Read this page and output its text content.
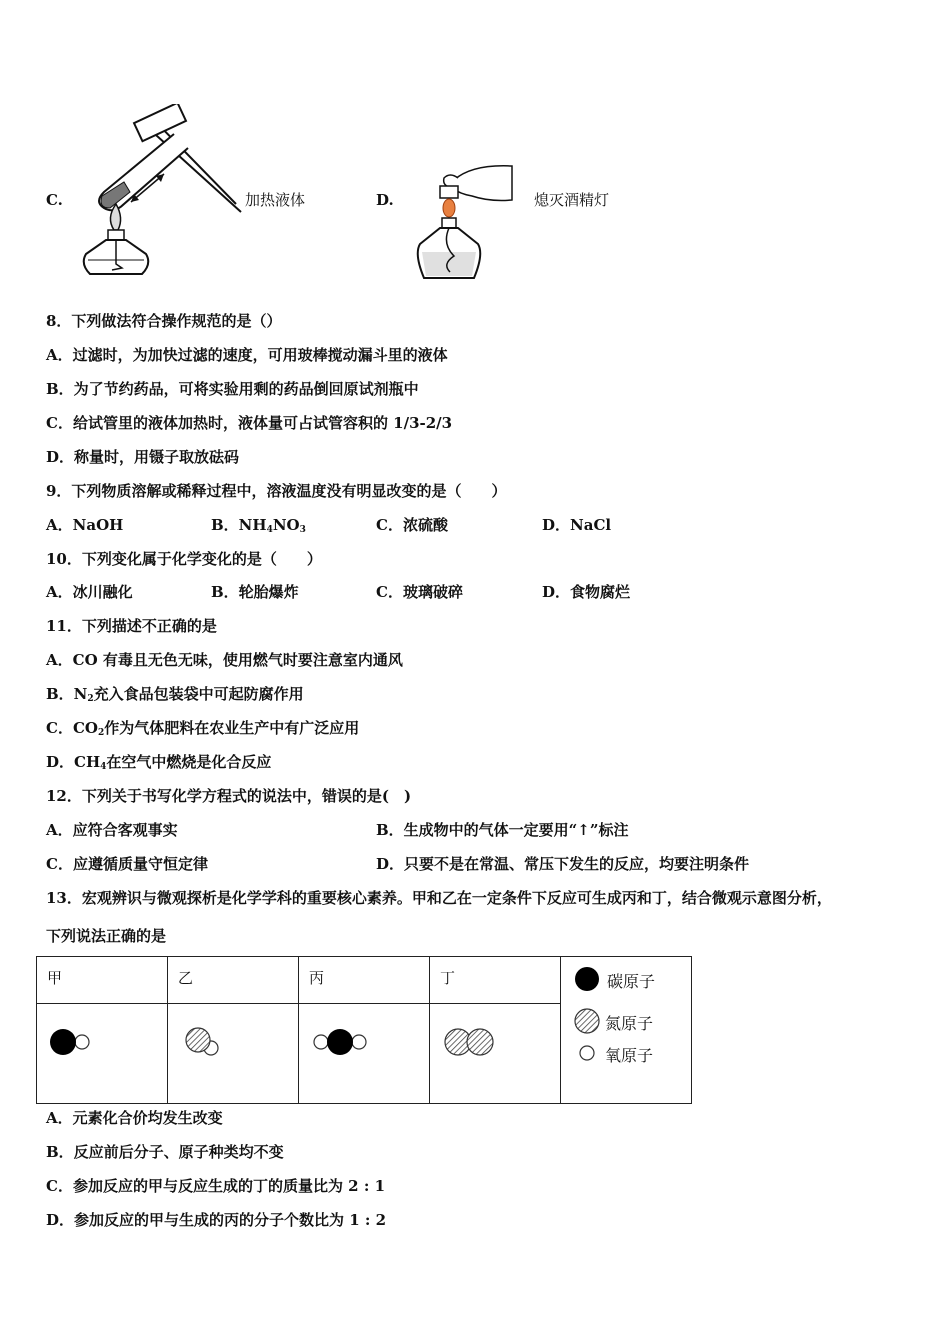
C.	加热液体	D.	熄灭酒精灯
8．下列做法符合操作规范的是（）
A．过滤时，为加快过滤的速度，可用玻棒搅动漏斗里的液体
B．为了节约药品，可将实验用剩的药品倒回原试剂瓶中
C．给试管里的液体加热时，液体量可占试管容积的 1/3-2/3
D．称量时，用镊子取放砝码
9．下列物质溶解或稀释过程中，溶液温度没有明显改变的是（　　）
A．NaOH	B．$NH_4NO_3$	C．浓硫酸	D．NaCl
10．下列变化属于化学变化的是（　　）
A．冰川融化	B．轮胎爆炸	C．玻璃破碎	D．食物腐烂
11．下列描述不正确的是
A．CO 有毒且无色无味，使用燃气时要注意室内通风
B．$N_2$充入食品包装袋中可起防腐作用
C．$CO_2$作为气体肥料在农业生产中有广泛应用
D．$CH_4$在空气中燃烧是化合反应
12．下列关于书写化学方程式的说法中，错误的是(　)
A．应符合客观事实	B．生成物中的气体一定要用“↑”标注
C．应遵循质量守恒定律	D．只要不是在常温、常压下发生的反应，均要注明条件
13．宏观辨识与微观探析是化学学科的重要核心素养。甲和乙在一定条件下反应可生成丙和丁，结合微观示意图分析，
下列说法正确的是
甲	乙	丙	丁	碳原子
氮原子
氧原子

A．元素化合价均发生改变
B．反应前后分子、原子种类均不变
C．参加反应的甲与反应生成的丁的质量比为 2 : 1
D．参加反应的甲与生成的丙的分子个数比为 1 : 2
